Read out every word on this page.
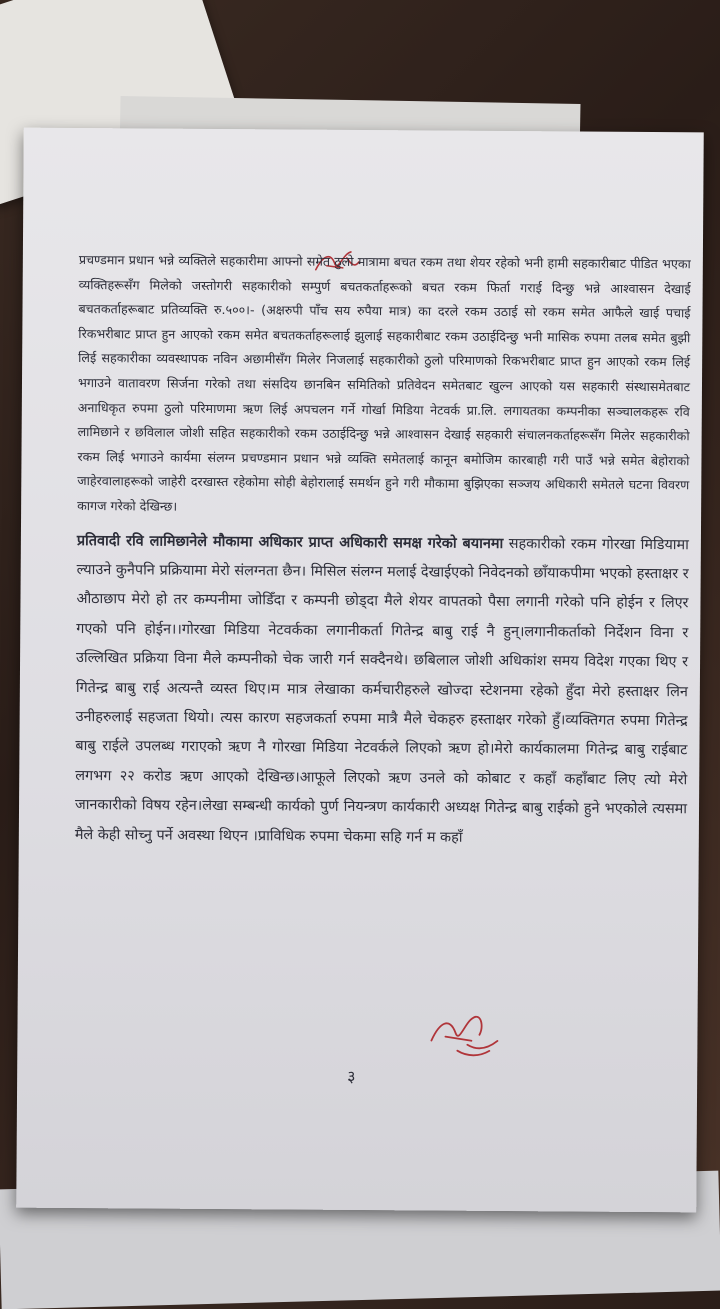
प्रचण्डमान प्रधान भन्ने व्यक्तिले सहकारीमा आफ्नो समेत ठुलो मात्रामा बचत रकम तथा शेयर रहेको भनी हामी सहकारीबाट पीडित भएका व्यक्तिहरूसँग मिलेको जस्तोगरी सहकारीको सम्पुर्ण बचतकर्ताहरूको बचत रकम फिर्ता गराई दिन्छु भन्ने आश्वासन देखाई बचतकर्ताहरूबाट प्रतिव्यक्ति रु.५००।- (अक्षरुपी पाँच सय रुपैया मात्र) का दरले रकम उठाई सो रकम समेत आफैले खाई पचाई रिकभरीबाट प्राप्त हुन आएको रकम समेत बचतकर्ताहरूलाई झुलाई सहकारीबाट रकम उठाईदिन्छु भनी मासिक रुपमा तलब समेत बुझी लिई सहकारीका व्यवस्थापक नविन अछामीसँग मिलेर निजलाई सहकारीको ठुलो परिमाणको रिकभरीबाट प्राप्त हुन आएको रकम लिई भगाउने वातावरण सिर्जना गरेको तथा संसदिय छानबिन समितिको प्रतिवेदन समेतबाट खुल्न आएको यस सहकारी संस्थासमेतबाट अनाधिकृत रुपमा ठुलो परिमाणमा ऋण लिई अपचलन गर्ने गोर्खा मिडिया नेटवर्क प्रा.लि. लगायतका कम्पनीका सञ्चालकहरू रवि लामिछाने र छविलाल जोशी सहित सहकारीको रकम उठाईदिन्छु भन्ने आश्वासन देखाई सहकारी संचालनकर्ताहरूसँग मिलेर सहकारीको रकम लिई भगाउने कार्यमा संलग्न प्रचण्डमान प्रधान भन्ने व्यक्ति समेतलाई कानून बमोजिम कारबाही गरी पाउँ भन्ने समेत बेहोराको जाहेरवालाहरूको जाहेरी दरखास्त रहेकोमा सोही बेहोरालाई समर्थन हुने गरी मौकामा बुझिएका सञ्जय अधिकारी समेतले घटना विवरण कागज गरेको देखिन्छ।

प्रतिवादी रवि लामिछानेले मौकामा अधिकार प्राप्त अधिकारी समक्ष गरेको बयानमा सहकारीको रकम गोरखा मिडियामा ल्याउने कुनैपनि प्रक्रियामा मेरो संलग्नता छैन। मिसिल संलग्न मलाई देखाईएको निवेदनको छाँयाकपीमा भएको हस्ताक्षर र औठाछाप मेरो हो तर कम्पनीमा जोडिँदा र कम्पनी छोड्दा मैले शेयर वापतको पैसा लगानी गरेको पनि होईन र लिएर गएको पनि होईन।।गोरखा मिडिया नेटवर्कका लगानीकर्ता गितेन्द्र बाबु राई नै हुन्।लगानीकर्ताको निर्देशन विना र उल्लिखित प्रक्रिया विना मैले कम्पनीको चेक जारी गर्न सक्दैनथे। छबिलाल जोशी अधिकांश समय विदेश गएका थिए र गितेन्द्र बाबु राई अत्यन्तै व्यस्त थिए।म मात्र लेखाका कर्मचारीहरुले खोज्दा स्टेशनमा रहेको हुँदा मेरो हस्ताक्षर लिन उनीहरुलाई सहजता थियो। त्यस कारण सहजकर्ता रुपमा मात्रै मैले चेकहरु हस्ताक्षर गरेको हुँ।व्यक्तिगत रुपमा गितेन्द्र बाबु राईले उपलब्ध गराएको ऋण नै गोरखा मिडिया नेटवर्कले लिएको ऋण हो।मेरो कार्यकालमा गितेन्द्र बाबु राईबाट लगभग २२ करोड ऋण आएको देखिन्छ।आफूले लिएको ऋण उनले को कोबाट र कहाँ कहाँबाट लिए त्यो मेरो जानकारीको विषय रहेन।लेखा सम्बन्धी कार्यको पुर्ण नियन्त्रण कार्यकारी अध्यक्ष गितेन्द्र बाबु राईको हुने भएकोले त्यसमा मैले केही सोच्नु पर्ने अवस्था थिएन ।प्राविधिक रुपमा चेकमा सहि गर्न म कहाँ

३
